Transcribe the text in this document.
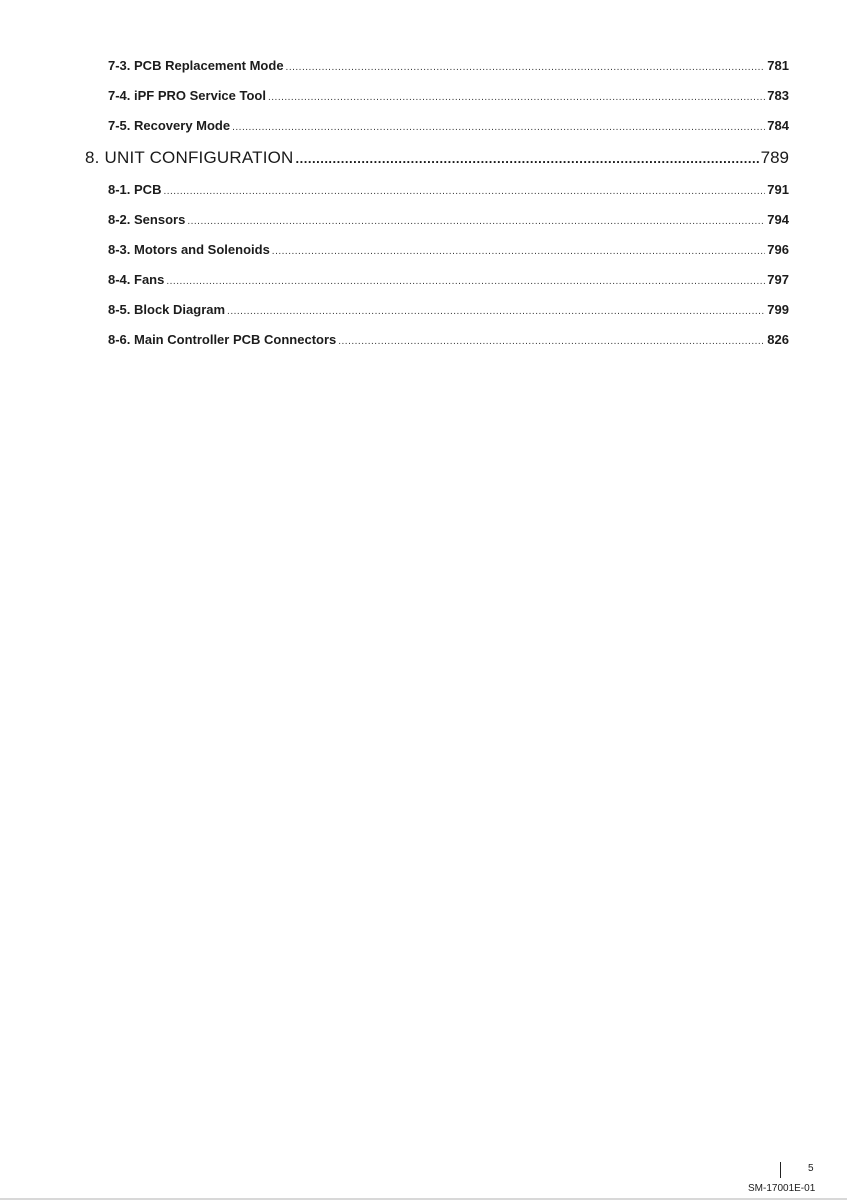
7-3. PCB Replacement Mode .....	781
7-4. iPF PRO Service Tool .....	783
7-5. Recovery Mode .....	784
8. UNIT CONFIGURATION .....	789
8-1. PCB .....	791
8-2. Sensors .....	794
8-3. Motors and Solenoids .....	796
8-4. Fans .....	797
8-5. Block Diagram .....	799
8-6. Main Controller PCB Connectors .....	826
5
SM-17001E-01
